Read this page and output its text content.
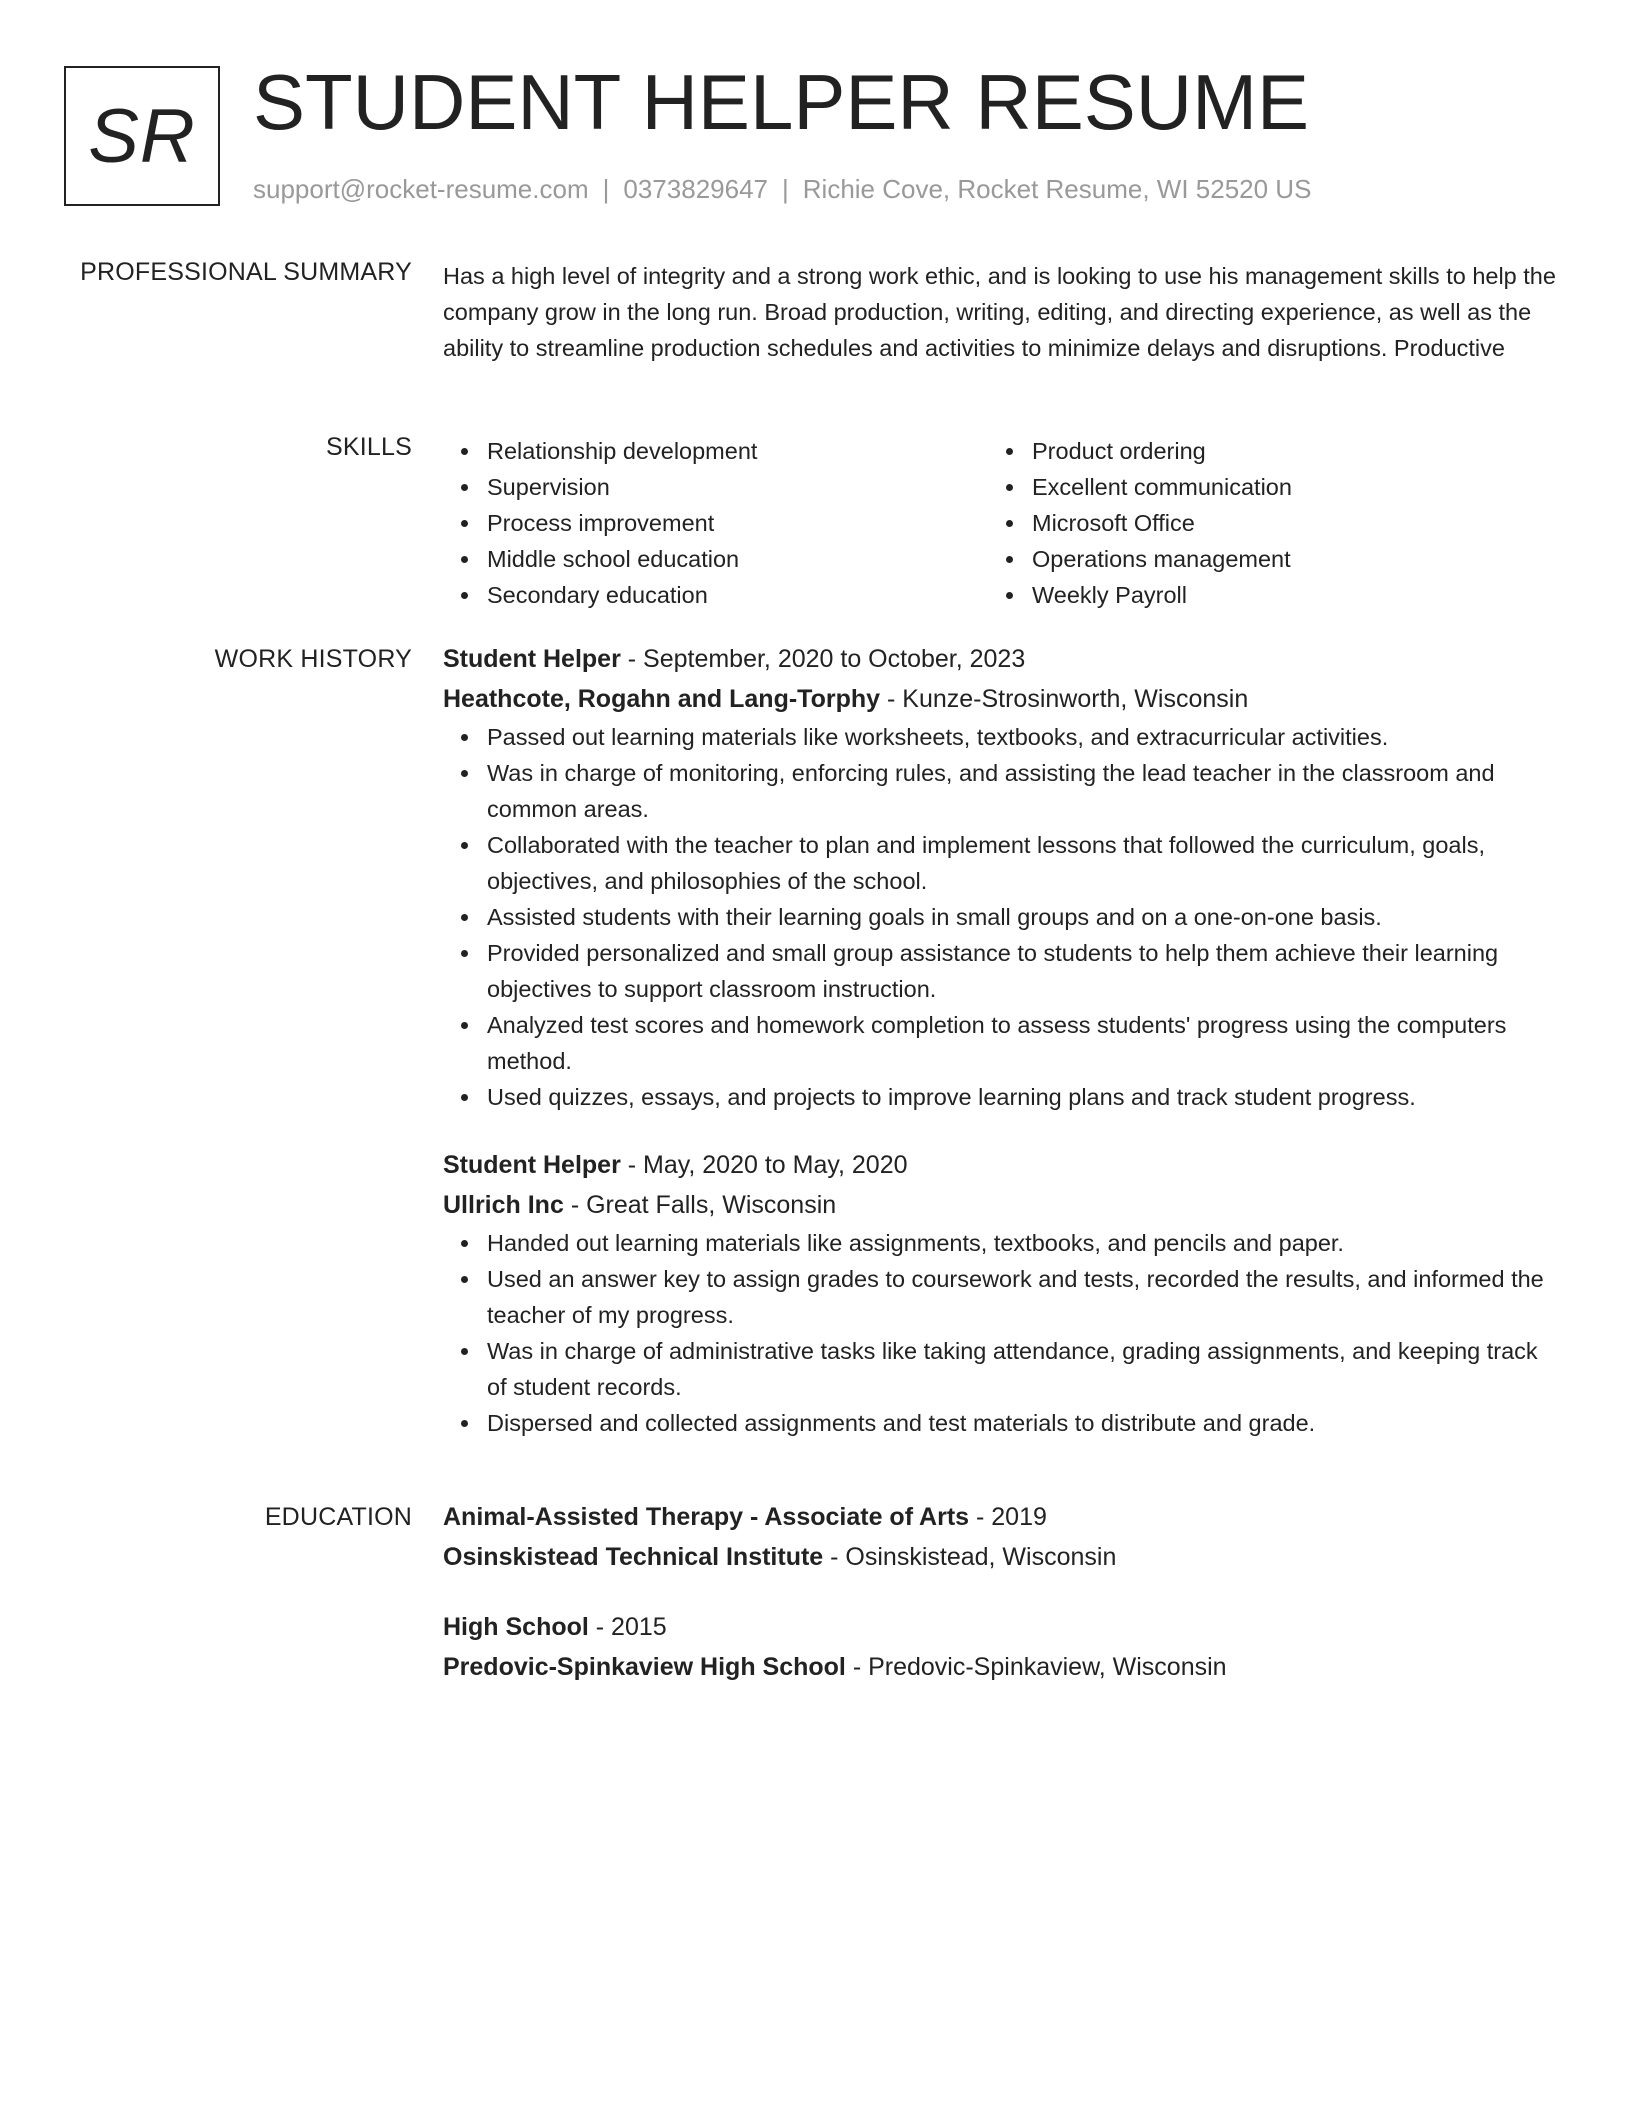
SR STUDENT HELPER RESUME
support@rocket-resume.com | 0373829647 | Richie Cove, Rocket Resume, WI 52520 US
PROFESSIONAL SUMMARY Has a high level of integrity and a strong work ethic, and is looking to use his management skills to help the company grow in the long run. Broad production, writing, editing, and directing experience, as well as the ability to streamline production schedules and activities to minimize delays and disruptions. Productive

SKILLS	Relationship development
Supervision
Process improvement
Middle school education
Secondary education
Product ordering
Excellent communication
Microsoft Office
Operations management
Weekly Payroll
WORK HISTORY Student Helper - September, 2020 to October, 2023
Heathcote, Rogahn and Lang-Torphy - Kunze-Strosinworth, Wisconsin
Passed out learning materials like worksheets, textbooks, and extracurricular activities.
Was in charge of monitoring, enforcing rules, and assisting the lead teacher in the classroom and common areas.
Collaborated with the teacher to plan and implement lessons that followed the curriculum, goals, objectives, and philosophies of the school.
Assisted students with their learning goals in small groups and on a one-on-one basis.
Provided personalized and small group assistance to students to help them achieve their learning objectives to support classroom instruction.
Analyzed test scores and homework completion to assess students' progress using the computers method.
Used quizzes, essays, and projects to improve learning plans and track student progress.
Student Helper - May, 2020 to May, 2020
Ullrich Inc - Great Falls, Wisconsin
Handed out learning materials like assignments, textbooks, and pencils and paper.
Used an answer key to assign grades to coursework and tests, recorded the results, and informed the teacher of my progress.
Was in charge of administrative tasks like taking attendance, grading assignments, and keeping track of student records.
Dispersed and collected assignments and test materials to distribute and grade.
EDUCATION Animal-Assisted Therapy - Associate of Arts - 2019
Osinskistead Technical Institute - Osinskistead, Wisconsin
High School - 2015
Predovic-Spinkaview High School - Predovic-Spinkaview, Wisconsin
